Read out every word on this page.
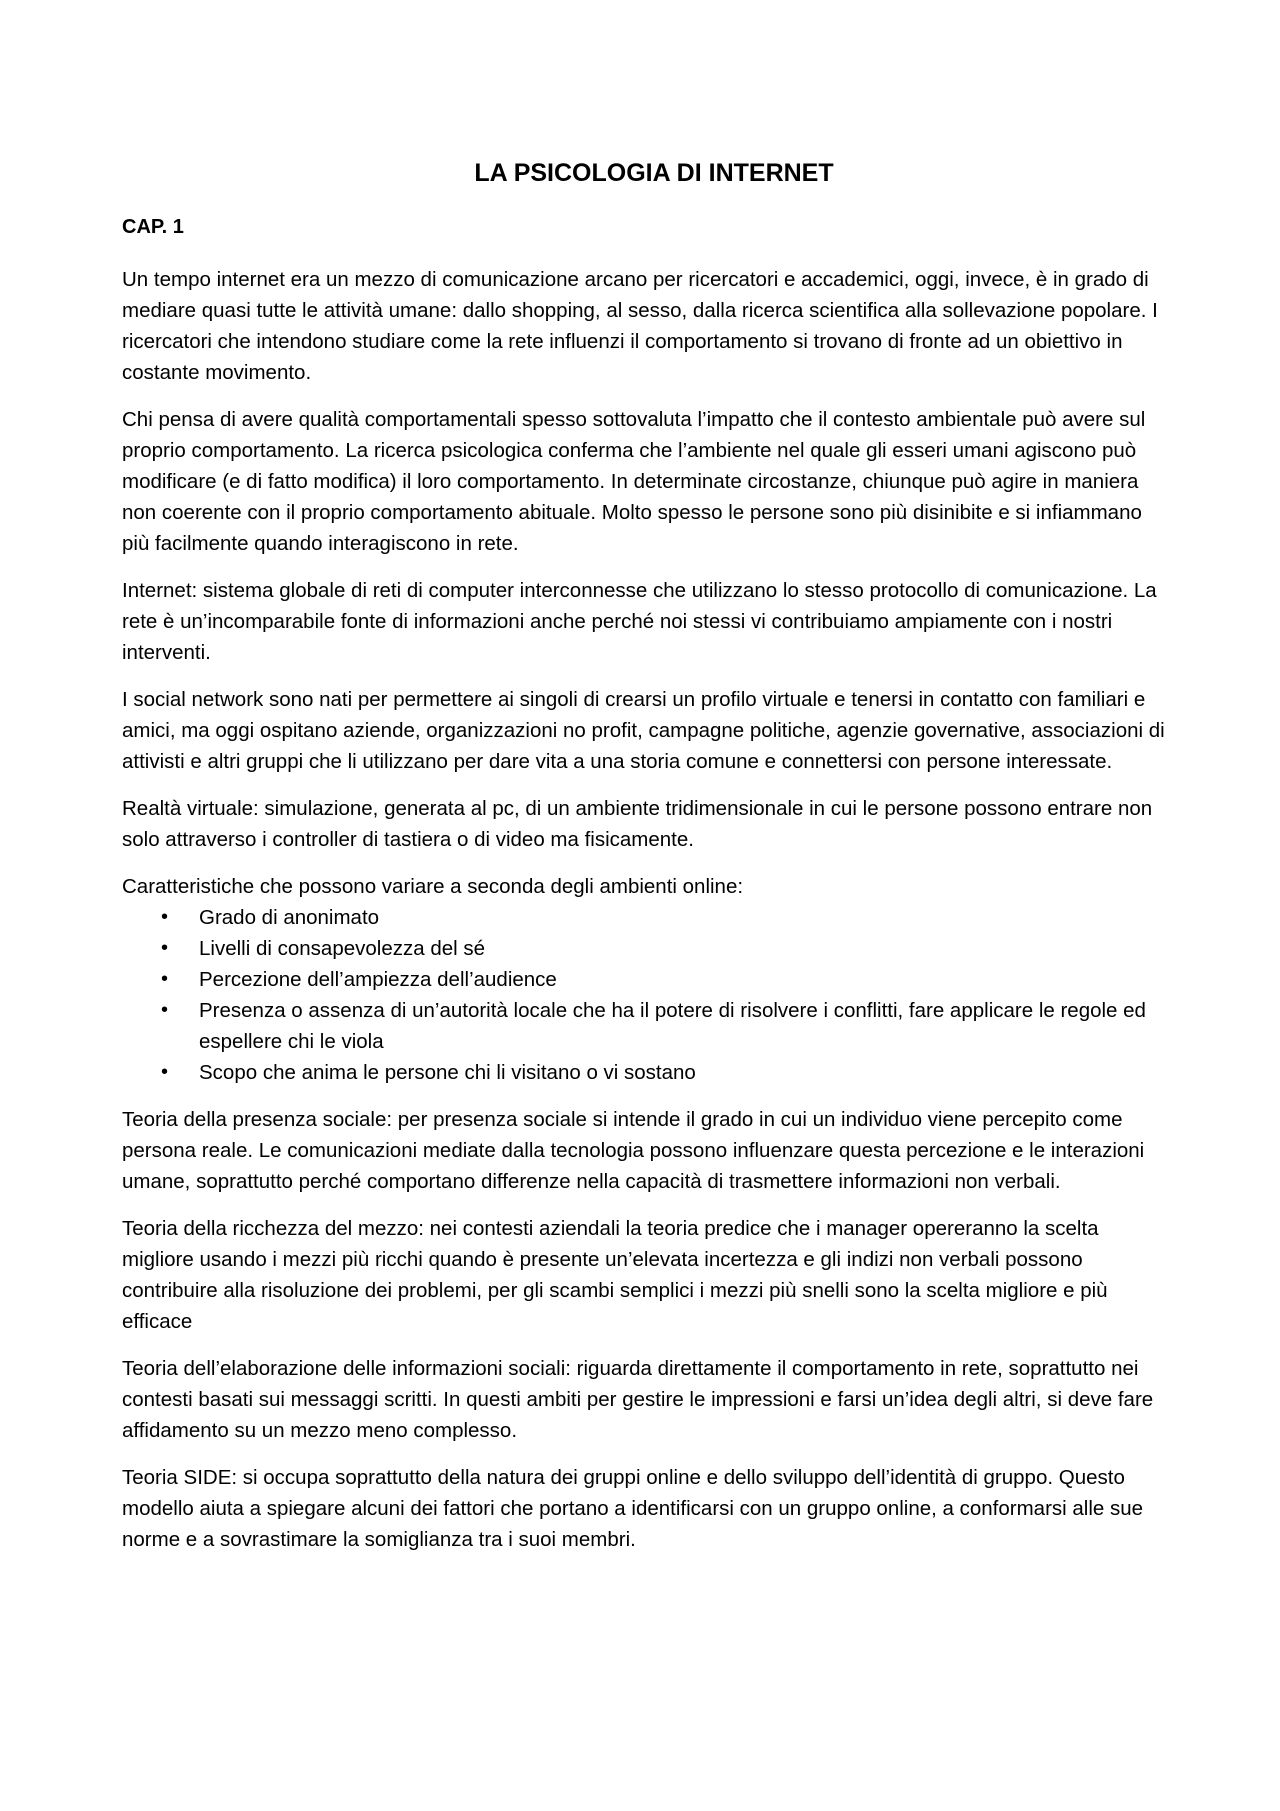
LA PSICOLOGIA DI INTERNET
CAP. 1

Un tempo internet era un mezzo di comunicazione arcano per ricercatori e accademici, oggi, invece, è in grado di mediare quasi tutte le attività umane: dallo shopping, al sesso, dalla ricerca scientifica alla sollevazione popolare. I ricercatori che intendono studiare come la rete influenzi il comportamento si trovano di fronte ad un obiettivo in costante movimento.

Chi pensa di avere qualità comportamentali spesso sottovaluta l’impatto che il contesto ambientale può avere sul proprio comportamento. La ricerca psicologica conferma che l’ambiente nel quale gli esseri umani agiscono può modificare (e di fatto modifica) il loro comportamento. In determinate circostanze, chiunque può agire in maniera non coerente con il proprio comportamento abituale. Molto spesso le persone sono più disinibite e si infiammano più facilmente quando interagiscono in rete.

Internet: sistema globale di reti di computer interconnesse che utilizzano lo stesso protocollo di comunicazione. La rete è un’incomparabile fonte di informazioni anche perché noi stessi vi contribuiamo ampiamente con i nostri interventi.

I social network sono nati per permettere ai singoli di crearsi un profilo virtuale e tenersi in contatto con familiari e amici, ma oggi ospitano aziende, organizzazioni no profit, campagne politiche, agenzie governative, associazioni di attivisti e altri gruppi che li utilizzano per dare vita a una storia comune e connettersi con persone interessate.

Realtà virtuale: simulazione, generata al pc, di un ambiente tridimensionale in cui le persone possono entrare non solo attraverso i controller di tastiera o di video ma fisicamente.

Caratteristiche che possono variare a seconda degli ambienti online:

• Grado di anonimato
• Livelli di consapevolezza del sé
• Percezione dell’ampiezza dell’audience
• Presenza o assenza di un’autorità locale che ha il potere di risolvere i conflitti, fare applicare le regole ed espellere chi le viola
• Scopo che anima le persone chi li visitano o vi sostano

Teoria della presenza sociale: per presenza sociale si intende il grado in cui un individuo viene percepito come persona reale. Le comunicazioni mediate dalla tecnologia possono influenzare questa percezione e le interazioni umane, soprattutto perché comportano differenze nella capacità di trasmettere informazioni non verbali.

Teoria della ricchezza del mezzo: nei contesti aziendali la teoria predice che i manager opereranno la scelta migliore usando i mezzi più ricchi quando è presente un’elevata incertezza e gli indizi non verbali possono contribuire alla risoluzione dei problemi, per gli scambi semplici i mezzi più snelli sono la scelta migliore e più efficace

Teoria dell’elaborazione delle informazioni sociali: riguarda direttamente il comportamento in rete, soprattutto nei contesti basati sui messaggi scritti. In questi ambiti per gestire le impressioni e farsi un’idea degli altri, si deve fare affidamento su un mezzo meno complesso.

Teoria SIDE: si occupa soprattutto della natura dei gruppi online e dello sviluppo dell’identità di gruppo. Questo modello aiuta a spiegare alcuni dei fattori che portano a identificarsi con un gruppo online, a conformarsi alle sue norme e a sovrastimare la somiglianza tra i suoi membri.
